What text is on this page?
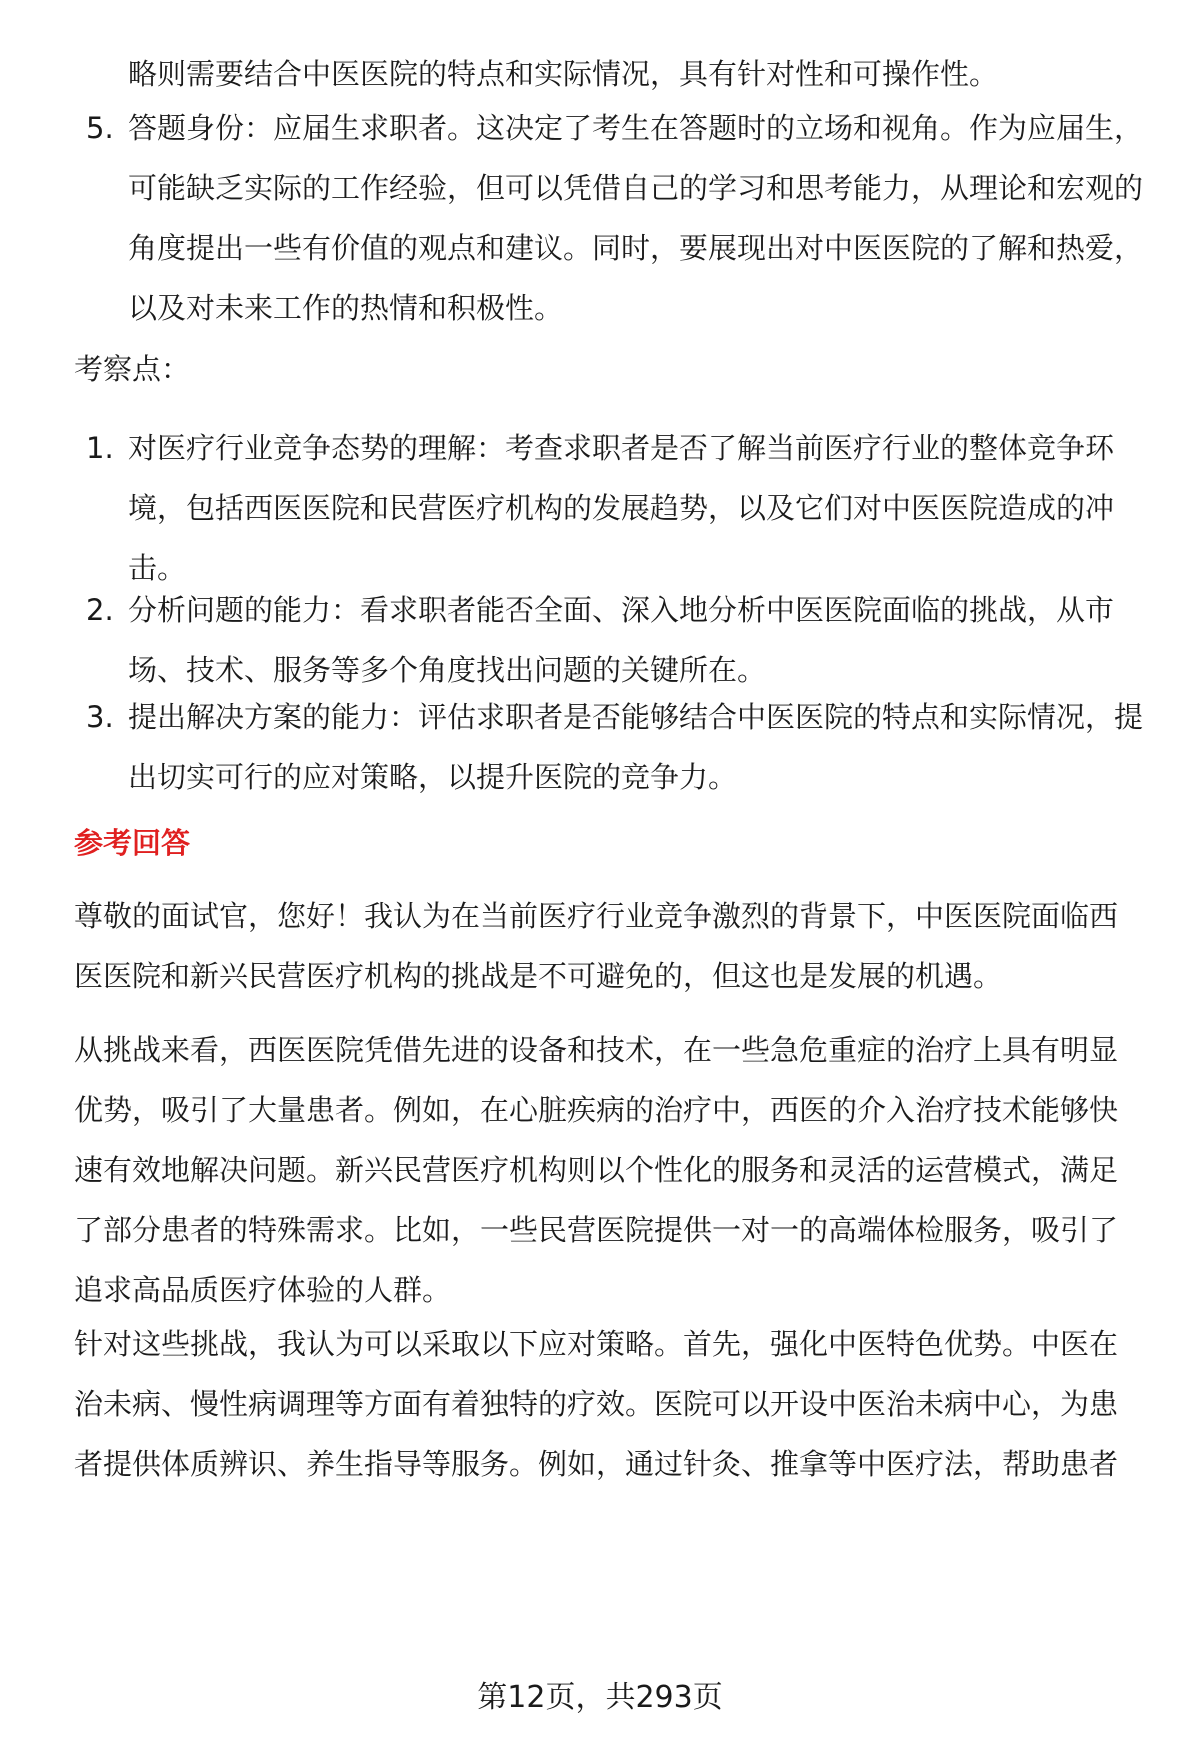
略则需要结合中医医院的特点和实际情况，具有针对性和可操作性。

5. 答题身份：应届生求职者。这决定了考生在答题时的立场和视角。作为应届生，可能缺乏实际的工作经验，但可以凭借自己的学习和思考能力，从理论和宏观的角度提出一些有价值的观点和建议。同时，要展现出对中医医院的了解和热爱，以及对未来工作的热情和积极性。

考察点：

1. 对医疗行业竞争态势的理解：考查求职者是否了解当前医疗行业的整体竞争环境，包括西医医院和民营医疗机构的发展趋势，以及它们对中医医院造成的冲击。
2. 分析问题的能力：看求职者能否全面、深入地分析中医医院面临的挑战，从市场、技术、服务等多个角度找出问题的关键所在。
3. 提出解决方案的能力：评估求职者是否能够结合中医医院的特点和实际情况，提出切实可行的应对策略，以提升医院的竞争力。

参考回答

尊敬的面试官，您好！我认为在当前医疗行业竞争激烈的背景下，中医医院面临西医医院和新兴民营医疗机构的挑战是不可避免的，但这也是发展的机遇。

从挑战来看，西医医院凭借先进的设备和技术，在一些急危重症的治疗上具有明显优势，吸引了大量患者。例如，在心脏疾病的治疗中，西医的介入治疗技术能够快速有效地解决问题。新兴民营医疗机构则以个性化的服务和灵活的运营模式，满足了部分患者的特殊需求。比如，一些民营医院提供一对一的高端体检服务，吸引了追求高品质医疗体验的人群。

针对这些挑战，我认为可以采取以下应对策略。首先，强化中医特色优势。中医在治未病、慢性病调理等方面有着独特的疗效。医院可以开设中医治未病中心，为患者提供体质辨识、养生指导等服务。例如，通过针灸、推拿等中医疗法，帮助患者

第12页，共293页
